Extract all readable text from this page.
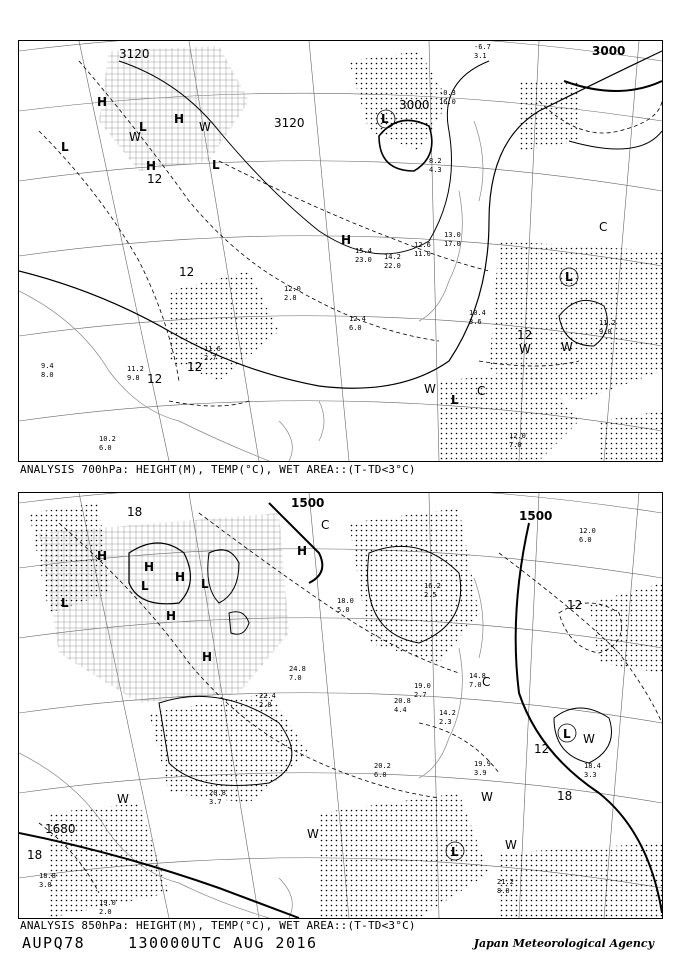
3120
3120
3000
3000
12
12
12
12
12
H
H
H
H
L
L
L
L
L
L
W
W
W	W
W
C
C
10.4
3.6	11.2
9.0
12.0
7.0
13.0
17.0
12.4
6.0
12.6
11.0
14.2
22.0
15.4
23.0
11.6
2.7
10.2
6.0
11.2
9.8
12.0
2.8
8.2
4.3
-6.7
3.1
-0.3
16.0
9.4
8.0
ANALYSIS 700hPa: HEIGHT(M), TEMP(°C), WET AREA::(T-TD<3°C)
1500
1500
1680
18
18
18
12
12
H
H
H
H
H
H
L
L	L
L
L
W
W
W
W
W
C
C
21.2
8.0
19.9
3.9
18.4
3.3
20.2
6.0
20.8
4.4
19.0
2.7
14.2
2.3
14.8
7.0
20.8
3.7
22.4
2.0
24.8
7.0
18.0
5.0
16.2
2.5
12.0
6.0
19.0
2.0
18.8
3.0
ANALYSIS 850hPa: HEIGHT(M), TEMP(°C), WET AREA::(T-TD<3°C)
AUPQ78	130000UTC AUG 2016	Japan Meteorological Agency
